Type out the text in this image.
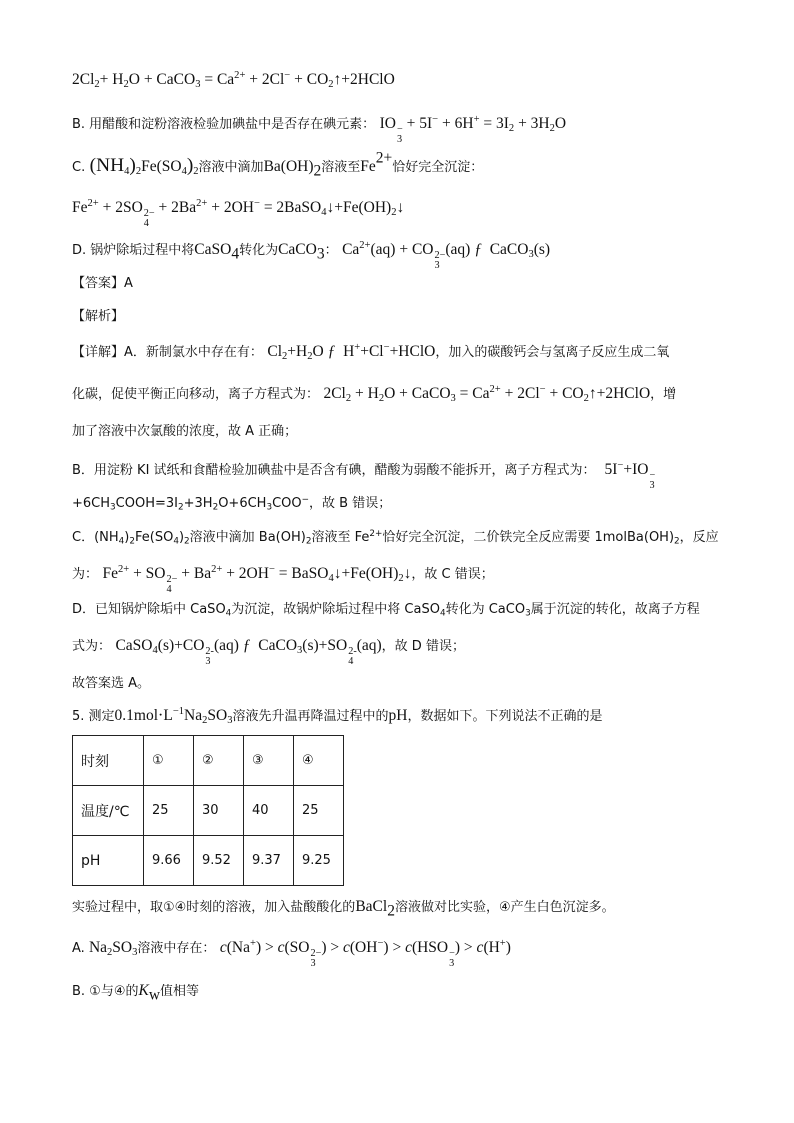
$2Cl_2+ H_2O$ + CaCO$_3$ = $Ca^{2+} + 2Cl^-$ + $CO_2↑+2HClO$
B. 用醋酸和淀粉溶液检验加碘盐中是否存在碘元素： IO −
3
+ $5I^- + 6H^+ = 3I_2 + 3H_2O$
C. $(NH_4)_2Fe(SO_4)_2$溶液中滴加$Ba(OH)_2$溶液至$Fe^{2+}$恰好完全沉淀：
$Fe^{2+} + 2SO$ 2−
4
+ $2Ba^{2+} + 2OH^-$ = $2BaSO_4↓+Fe(OH)_2↓$
D. 锅炉除垢过程中将CaSO$_4$转化为CaCO$_3$： $Ca^{2+}(aq)$ + CO 2−
3
(aq) ƒ CaCO$_3$(s)
【答案】A
【解析】
【详解】A．新制氯水中存在有： $Cl_2+H_2O$ ƒ H++Cl−+HClO，加入的碳酸钙会与氢离子反应生成二氧
化碳，促使平衡正向移动，离子方程式为： $2Cl_2 + H_2O$ + CaCO$_3$ = $Ca^{2+} + 2Cl^-$ + $CO_2↑+2HClO$，增
加了溶液中次氯酸的浓度，故 A 正确；
B．用淀粉 KI 试纸和食醋检验加碘盐中是否含有碘，醋酸为弱酸不能拆开，离子方程式为： 5I−+IO −
3
$+6CH_3COOH=3I_2+3H_2O+6CH_3COO^-$，故 B 错误；
C．$(NH_4)_2Fe(SO_4)_2$溶液中滴加 $Ba(OH)_2$溶液至 $Fe^{2+}$恰好完全沉淀，二价铁完全反应需要 $1molBa(OH)_2$，反应
为： $Fe^{2+}$ + SO 2−
4
+ $Ba^{2+} + 2OH^-$ = $BaSO_4↓+Fe(OH)_2↓$，故 C 错误；
D．已知锅炉除垢中 CaSO$_4$为沉淀，故锅炉除垢过程中将 CaSO$_4$转化为 CaCO$_3$属于沉淀的转化，故离子方程
式为： CaSO$_4$(s)+CO 2-
3
(aq) ƒ CaCO$_3$(s)+SO 2-
4
(aq)，故 D 错误；
故答案选 A。
5. 测定$0.1mol\cdot L^{-1}Na_2SO_3$溶液先升温再降温过程中的pH，数据如下。下列说法不正确的是
时刻	①	②	③	④
温度/℃	25	30	40	25
pH	9.66	9.52	9.37	9.25
实验过程中，取①④时刻的溶液，加入盐酸酸化的BaCl$_2$溶液做对比实验，④产生白色沉淀多。
A. $Na_2SO_3$溶液中存在： c(Na+) > c(SO 2−
3
) > c(OH−) > c(HSO −
3
) > c(H+)
B. ①与④的$K_w$值相等
